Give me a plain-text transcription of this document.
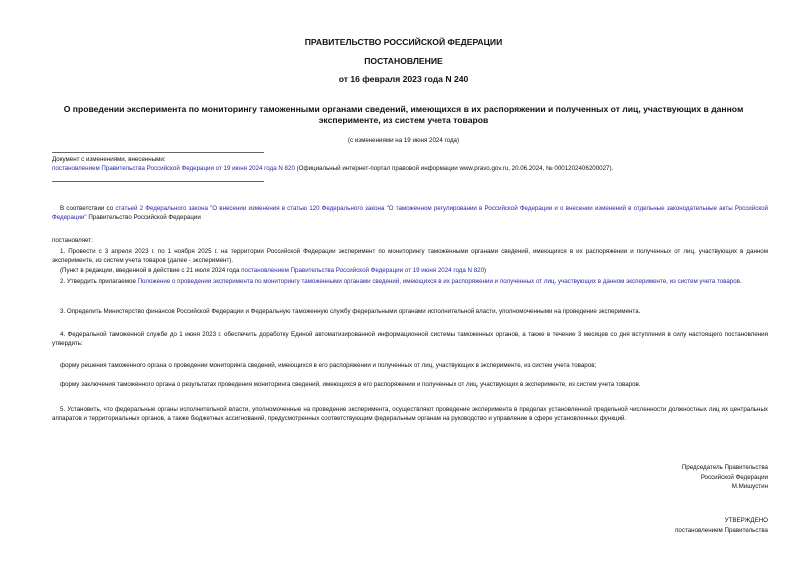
ПРАВИТЕЛЬСТВО РОССИЙСКОЙ ФЕДЕРАЦИИ
ПОСТАНОВЛЕНИЕ
от 16 февраля 2023 года N 240
О проведении эксперимента по мониторингу таможенными органами сведений, имеющихся в их распоряжении и полученных от лиц, участвующих в данном
эксперименте, из систем учета товаров
(с изменениями на 19 июня 2024 года)
Документ с изменениями, внесенными:
постановлением Правительства Российской Федерации от 19 июня 2024 года N 820 (Официальный интернет-портал правовой информации www.pravo.gov.ru, 20.06.2024, № 0001202406200027).
В соответствии со статьей 2 Федерального закона "О внесении изменения в статью 120 Федерального закона "О таможенном регулировании в Российской Федерации и о внесении изменений в отдельные законодательные акты Российской Федерации" Правительство Российской Федерации
постановляет:
1. Провести с 3 апреля 2023 г. по 1 ноября 2025 г. на территории Российской Федерации эксперимент по мониторингу таможенными органами сведений, имеющихся в их распоряжении и полученных от лиц, участвующих в данном эксперименте, из систем учета товаров (далее - эксперимент).
(Пункт в редакции, введенной в действие с 21 июля 2024 года постановлением Правительства Российской Федерации от 19 июня 2024 года N 820)
2. Утвердить прилагаемое Положение о проведении эксперимента по мониторингу таможенными органами сведений, имеющихся в их распоряжении и полученных от лиц, участвующих в данном эксперименте, из систем учета товаров.
3. Определить Министерство финансов Российской Федерации и Федеральную таможенную службу федеральными органами исполнительной власти, уполномоченными на проведение эксперимента.
4. Федеральной таможенной службе до 1 июня 2023 г. обеспечить доработку Единой автоматизированной информационной системы таможенных органов, а также в течение 3 месяцев со дня вступления в силу настоящего постановления утвердить:
форму решения таможенного органа о проведении мониторинга сведений, имеющихся в его распоряжении и полученных от лиц, участвующих в эксперименте, из систем учета товаров;
форму заключения таможенного органа о результатах проведения мониторинга сведений, имеющихся в его распоряжении и полученных от лиц, участвующих в эксперименте, из систем учета товаров.
5. Установить, что федеральные органы исполнительной власти, уполномоченные на проведение эксперимента, осуществляют проведение эксперимента в пределах установленной предельной численности должностных лиц их центральных аппаратов и территориальных органов, а также бюджетных ассигнований, предусмотренных соответствующим федеральным органам на руководство и управление в сфере установленных функций.
Председатель Правительства
Российской Федерации
М.Мишустин
УТВЕРЖДЕНО
постановлением Правительства
